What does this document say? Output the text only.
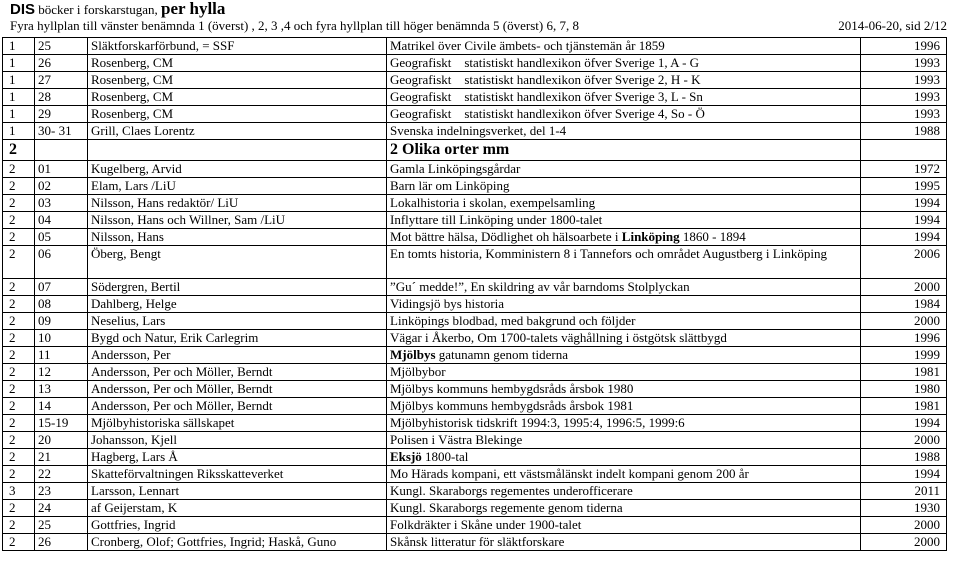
DIS böcker i forskarstugan, per hylla
Fyra hyllplan till vänster benämnda 1 (överst) , 2, 3 ,4 och fyra hyllplan till höger benämnda 5 (överst) 6, 7, 8	2014-06-20, sid 2/12
1	25	Släktforskarförbund, = SSF	Matrikel över Civile ämbets- och tjänstemän år 1859	1996
1	26	Rosenberg, CM	Geografiskt    statistiskt handlexikon öfver Sverige 1, A - G	1993
1	27	Rosenberg, CM	Geografiskt    statistiskt handlexikon öfver Sverige 2, H - K	1993
1	28	Rosenberg, CM	Geografiskt    statistiskt handlexikon öfver Sverige 3, L - Sn	1993
1	29	Rosenberg, CM	Geografiskt    statistiskt handlexikon öfver Sverige 4, So - Ö	1993
1	30- 31	Grill, Claes Lorentz	Svenska indelningsverket, del 1-4	1988
2			2 Olika orter mm	
2	01	Kugelberg, Arvid	Gamla Linköpingsgårdar	1972
2	02	Elam, Lars /LiU	Barn lär om Linköping	1995
2	03	Nilsson, Hans redaktör/ LiU	Lokalhistoria i skolan, exempelsamling	1994
2	04	Nilsson, Hans och Willner, Sam /LiU	Inflyttare till Linköping under 1800-talet	1994
2	05	Nilsson, Hans	Mot bättre hälsa, Dödlighet oh hälsoarbete i Linköping 1860 - 1894	1994
2	06	Öberg, Bengt	En tomts historia, Komministern 8 i Tannefors och området Augustberg i Linköping	2006
2	07	Södergren, Bertil	”Gu´ medde!”, En skildring av vår barndoms Stolplyckan	2000
2	08	Dahlberg, Helge	Vidingsjö bys historia	1984
2	09	Neselius, Lars	Linköpings blodbad, med bakgrund och följder	2000
2	10	Bygd och Natur, Erik Carlegrim	Vägar i Åkerbo, Om 1700-talets väghållning i östgötsk slättbygd	1996
2	11	Andersson, Per	Mjölbys gatunamn genom tiderna	1999
2	12	Andersson, Per och Möller, Berndt	Mjölbybor	1981
2	13	Andersson, Per och Möller, Berndt	Mjölbys kommuns hembygdsråds årsbok 1980	1980
2	14	Andersson, Per och Möller, Berndt	Mjölbys kommuns hembygdsråds årsbok 1981	1981
2	15-19	Mjölbyhistoriska sällskapet	Mjölbyhistorisk tidskrift 1994:3, 1995:4, 1996:5, 1999:6	1994
2	20	Johansson, Kjell	Polisen i Västra Blekinge	2000
2	21	Hagberg, Lars Å	Eksjö 1800-tal	1988
2	22	Skatteförvaltningen Riksskatteverket	Mo Härads kompani, ett västsmålänskt indelt kompani genom 200 år	1994
3	23	Larsson, Lennart	Kungl. Skaraborgs regementes underofficerare	2011
2	24	af Geijerstam, K	Kungl. Skaraborgs regemente genom tiderna	1930
2	25	Gottfries, Ingrid	Folkdräkter i Skåne under 1900-talet	2000
2	26	Cronberg, Olof; Gottfries, Ingrid; Haskå, Guno	Skånsk litteratur för släktforskare	2000
